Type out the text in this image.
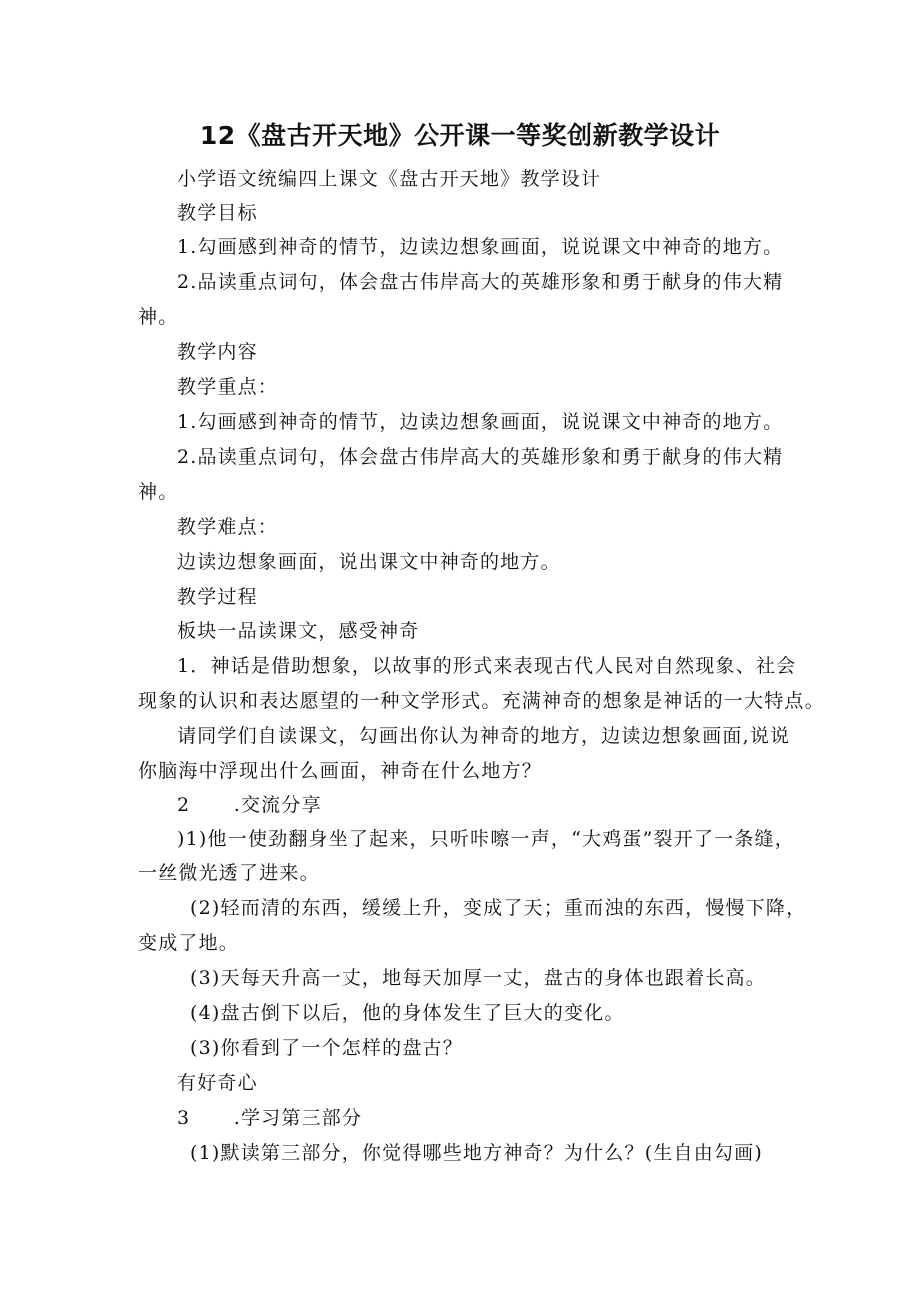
12《盘古开天地》公开课一等奖创新教学设计
小学语文统编四上课文《盘古开天地》教学设计
教学目标
1.勾画感到神奇的情节，边读边想象画面，说说课文中神奇的地方。
2.品读重点词句，体会盘古伟岸高大的英雄形象和勇于献身的伟大精
神。
教学内容
教学重点：
1.勾画感到神奇的情节，边读边想象画面，说说课文中神奇的地方。
2.品读重点词句，体会盘古伟岸高大的英雄形象和勇于献身的伟大精
神。
教学难点：
边读边想象画面，说出课文中神奇的地方。
教学过程
板块一品读课文，感受神奇
1．神话是借助想象，以故事的形式来表现古代人民对自然现象、社会
现象的认识和表达愿望的一种文学形式。充满神奇的想象是神话的一大特点。
请同学们自读课文，勾画出你认为神奇的地方，边读边想象画面,说说
你脑海中浮现出什么画面，神奇在什么地方？
2      .交流分享
)1)他一使劲翻身坐了起来，只听咔嚓一声，“大鸡蛋”裂开了一条缝，
一丝微光透了进来。
(2)轻而清的东西，缓缓上升，变成了天；重而浊的东西，慢慢下降，
变成了地。
(3)天每天升高一丈，地每天加厚一丈，盘古的身体也跟着长高。
(4)盘古倒下以后，他的身体发生了巨大的变化。
(3)你看到了一个怎样的盘古？
有好奇心
3      .学习第三部分
(1)默读第三部分，你觉得哪些地方神奇？为什么？(生自由勾画)
